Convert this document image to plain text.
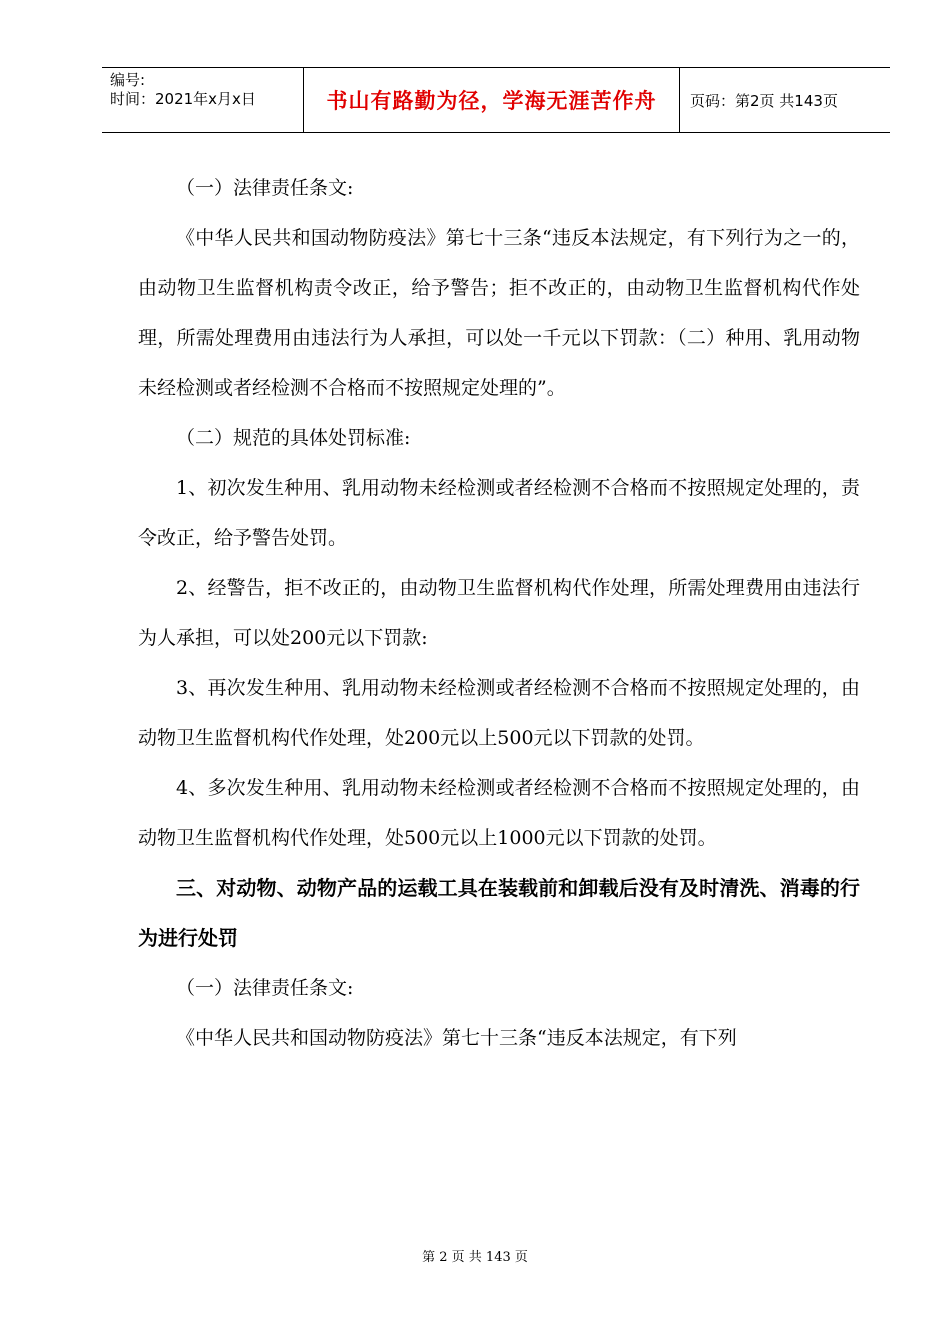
编号:
时间：2021年x月x日	书山有路勤为径，学海无涯苦作舟	页码：第2页 共143页

（一）法律责任条文:

《中华人民共和国动物防疫法》第七十三条“违反本法规定，有下列行为之一的，由动物卫生监督机构责令改正，给予警告；拒不改正的，由动物卫生监督机构代作处理，所需处理费用由违法行为人承担，可以处一千元以下罚款：（二）种用、乳用动物未经检测或者经检测不合格而不按照规定处理的”。

（二）规范的具体处罚标准:

1、初次发生种用、乳用动物未经检测或者经检测不合格而不按照规定处理的，责令改正，给予警告处罚。

2、经警告，拒不改正的，由动物卫生监督机构代作处理，所需处理费用由违法行为人承担，可以处200元以下罚款:

3、再次发生种用、乳用动物未经检测或者经检测不合格而不按照规定处理的，由动物卫生监督机构代作处理，处200元以上500元以下罚款的处罚。

4、多次发生种用、乳用动物未经检测或者经检测不合格而不按照规定处理的，由动物卫生监督机构代作处理，处500元以上1000元以下罚款的处罚。

三、对动物、动物产品的运载工具在装载前和卸载后没有及时清洗、消毒的行为进行处罚

（一）法律责任条文:

《中华人民共和国动物防疫法》第七十三条“违反本法规定，有下列

第 2 页 共 143 页
